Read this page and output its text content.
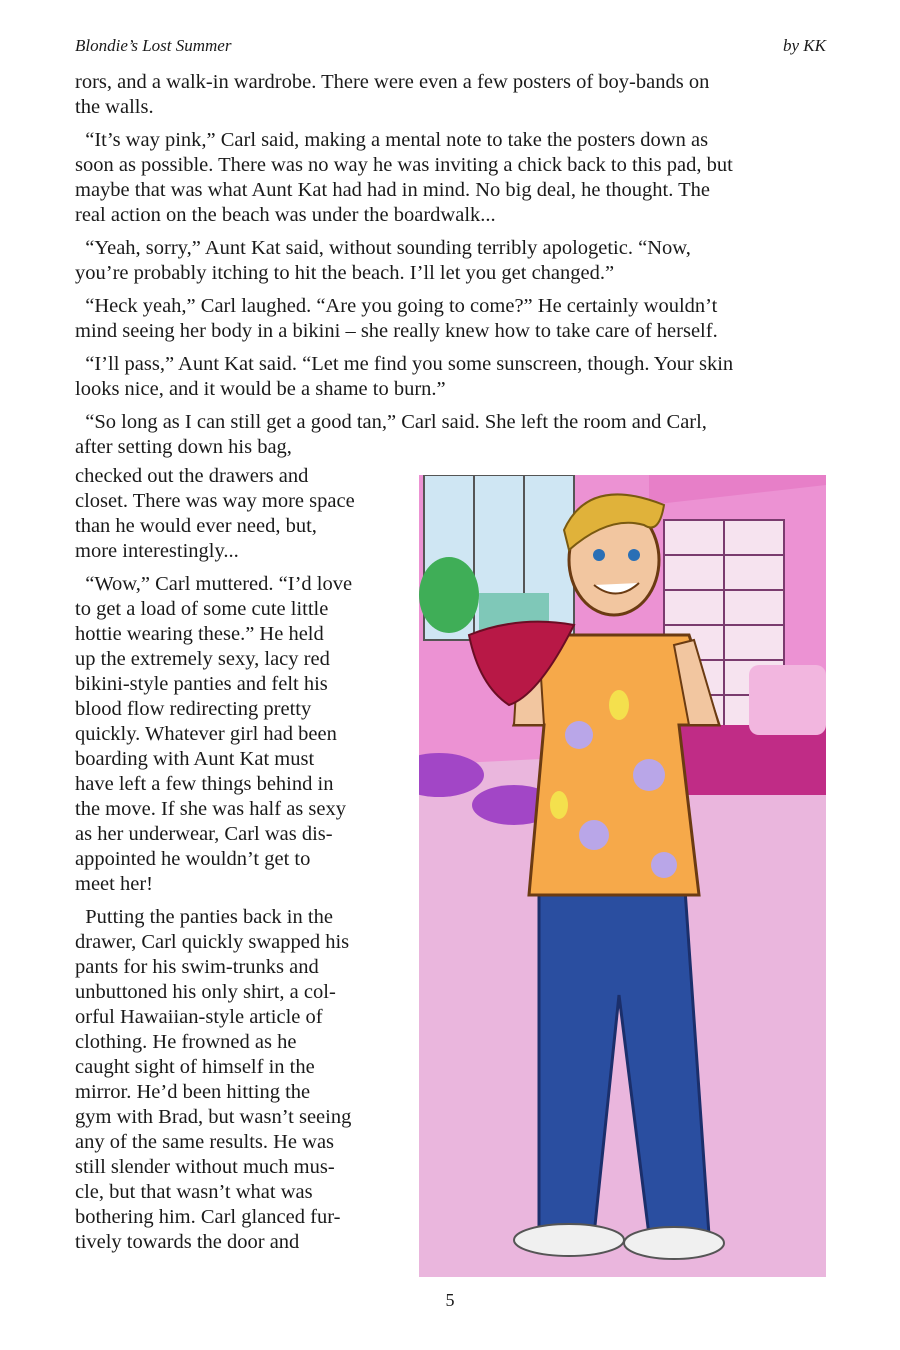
Blondie’s Lost Summer	by KK
rors, and a walk-in wardrobe. There were even a few posters of boy-bands on
the walls.
“It’s way pink,” Carl said, making a mental note to take the posters down as
soon as possible. There was no way he was inviting a chick back to this pad, but
maybe that was what Aunt Kat had had in mind. No big deal, he thought. The
real action on the beach was under the boardwalk...
“Yeah, sorry,” Aunt Kat said, without sounding terribly apologetic. “Now,
you’re probably itching to hit the beach. I’ll let you get changed.”
“Heck yeah,” Carl laughed. “Are you going to come?” He certainly wouldn’t
mind seeing her body in a bikini – she really knew how to take care of herself.
“I’ll pass,” Aunt Kat said. “Let me find you some sunscreen, though. Your skin
looks nice, and it would be a shame to burn.”
“So long as I can still get a good tan,” Carl said. She left the room and Carl,
after setting down his bag,
checked out the drawers and
closet. There was way more space
than he would ever need, but,
more interestingly...
“Wow,” Carl muttered. “I’d love
to get a load of some cute little
hottie wearing these.” He held
up the extremely sexy, lacy red
bikini-style panties and felt his
blood flow redirecting pretty
quickly. Whatever girl had been
boarding with Aunt Kat must
have left a few things behind in
the move. If she was half as sexy
as her underwear, Carl was dis-
appointed he wouldn’t get to
meet her!
Putting the panties back in the
drawer, Carl quickly swapped his
pants for his swim-trunks and
unbuttoned his only shirt, a col-
orful Hawaiian-style article of
clothing. He frowned as he
caught sight of himself in the
mirror. He’d been hitting the
gym with Brad, but wasn’t seeing
any of the same results. He was
still slender without much mus-
cle, but that wasn’t what was
bothering him. Carl glanced fur-
tively towards the door and
5
